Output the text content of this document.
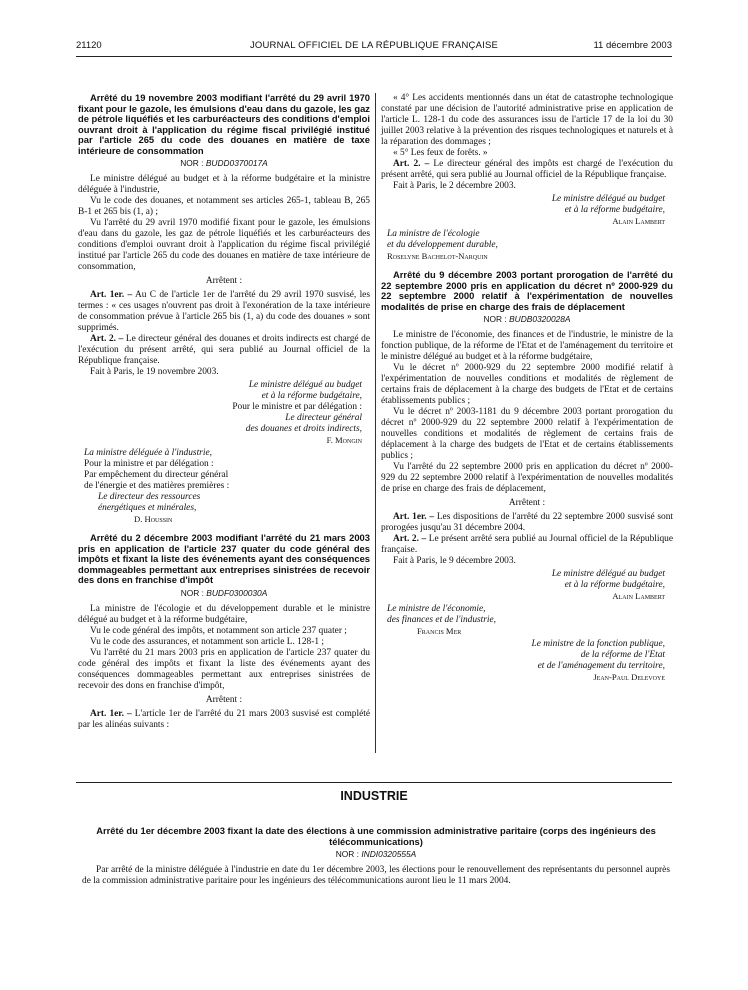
21120	JOURNAL OFFICIEL DE LA RÉPUBLIQUE FRANÇAISE	11 décembre 2003
Arrêté du 19 novembre 2003 modifiant l'arrêté du 29 avril 1970 fixant pour le gazole, les émulsions d'eau dans du gazole, les gaz de pétrole liquéfiés et les carburéacteurs des conditions d'emploi ouvrant droit à l'application du régime fiscal privilégié institué par l'article 265 du code des douanes en matière de taxe intérieure de consommation
NOR : BUDD0370017A

Le ministre délégué au budget et à la réforme budgétaire et la ministre déléguée à l'industrie,

Vu le code des douanes, et notamment ses articles 265-1, tableau B, 265 B-1 et 265 bis (1, a) ;

Vu l'arrêté du 29 avril 1970 modifié fixant pour le gazole, les émulsions d'eau dans du gazole, les gaz de pétrole liquéfiés et les carburéacteurs des conditions d'emploi ouvrant droit à l'application du régime fiscal privilégié institué par l'article 265 du code des douanes en matière de taxe intérieure de consommation,

Arrêtent :

Art. 1er. – Au C de l'article 1er de l'arrêté du 29 avril 1970 susvisé, les termes : « ces usages n'ouvrent pas droit à l'exonération de la taxe intérieure de consommation prévue à l'article 265 bis (1, a) du code des douanes » sont supprimés.

Art. 2. – Le directeur général des douanes et droits indirects est chargé de l'exécution du présent arrêté, qui sera publié au Journal officiel de la République française.

Fait à Paris, le 19 novembre 2003.

Le ministre délégué au budget
et à la réforme budgétaire,
Pour le ministre et par délégation :
Le directeur général
des douanes et droits indirects,
F. Mongin
La ministre déléguée à l'industrie,
Pour la ministre et par délégation :
Par empêchement du directeur général
de l'énergie et des matières premières :
Le directeur des ressources
énergétiques et minérales,
D. Houssin
Arrêté du 2 décembre 2003 modifiant l'arrêté du 21 mars 2003 pris en application de l'article 237 quater du code général des impôts et fixant la liste des événements ayant des conséquences dommageables permettant aux entreprises sinistrées de recevoir des dons en franchise d'impôt
NOR : BUDF0300030A

La ministre de l'écologie et du développement durable et le ministre délégué au budget et à la réforme budgétaire,

Vu le code général des impôts, et notamment son article 237 quater ;

Vu le code des assurances, et notamment son article L. 128-1 ;

Vu l'arrêté du 21 mars 2003 pris en application de l'article 237 quater du code général des impôts et fixant la liste des événements ayant des conséquences dommageables permettant aux entreprises sinistrées de recevoir des dons en franchise d'impôt,

Arrêtent :

Art. 1er. – L'article 1er de l'arrêté du 21 mars 2003 susvisé est complété par les alinéas suivants :

« 4° Les accidents mentionnés dans un état de catastrophe technologique constaté par une décision de l'autorité administrative prise en application de l'article L. 128-1 du code des assurances issu de l'article 17 de la loi du 30 juillet 2003 relative à la prévention des risques technologiques et naturels et à la réparation des dommages ;

« 5° Les feux de forêts. »

Art. 2. – Le directeur général des impôts est chargé de l'exécution du présent arrêté, qui sera publié au Journal officiel de la République française.

Fait à Paris, le 2 décembre 2003.

Le ministre délégué au budget
et à la réforme budgétaire,
Alain Lambert
La ministre de l'écologie
et du développement durable,
Roselyne Bachelot-Narquin
Arrêté du 9 décembre 2003 portant prorogation de l'arrêté du 22 septembre 2000 pris en application du décret nº 2000-929 du 22 septembre 2000 relatif à l'expérimentation de nouvelles modalités de prise en charge des frais de déplacement
NOR : BUDB0320028A

Le ministre de l'économie, des finances et de l'industrie, le ministre de la fonction publique, de la réforme de l'Etat et de l'aménagement du territoire et le ministre délégué au budget et à la réforme budgétaire,

Vu le décret nº 2000-929 du 22 septembre 2000 modifié relatif à l'expérimentation de nouvelles conditions et modalités de règlement de certains frais de déplacement à la charge des budgets de l'Etat et de certains établissements publics ;

Vu le décret nº 2003-1181 du 9 décembre 2003 portant prorogation du décret nº 2000-929 du 22 septembre 2000 relatif à l'expérimentation de nouvelles conditions et modalités de règlement de certains frais de déplacement à la charge des budgets de l'Etat et de certains établissements publics ;

Vu l'arrêté du 22 septembre 2000 pris en application du décret nº 2000-929 du 22 septembre 2000 relatif à l'expérimentation de nouvelles modalités de prise en charge des frais de déplacement,

Arrêtent :

Art. 1er. – Les dispositions de l'arrêté du 22 septembre 2000 susvisé sont prorogées jusqu'au 31 décembre 2004.

Art. 2. – Le présent arrêté sera publié au Journal officiel de la République française.

Fait à Paris, le 9 décembre 2003.

Le ministre délégué au budget
et à la réforme budgétaire,
Alain Lambert
Le ministre de l'économie,
des finances et de l'industrie,
Francis Mer
Le ministre de la fonction publique,
de la réforme de l'Etat
et de l'aménagement du territoire,
Jean-Paul Delevoye
INDUSTRIE
Arrêté du 1er décembre 2003 fixant la date des élections à une commission administrative paritaire (corps des ingénieurs des télécommunications)
NOR : INDI0320555A

Par arrêté de la ministre déléguée à l'industrie en date du 1er décembre 2003, les élections pour le renouvellement des représentants du personnel auprès de la commission administrative paritaire pour les ingénieurs des télécommunications auront lieu le 11 mars 2004.
